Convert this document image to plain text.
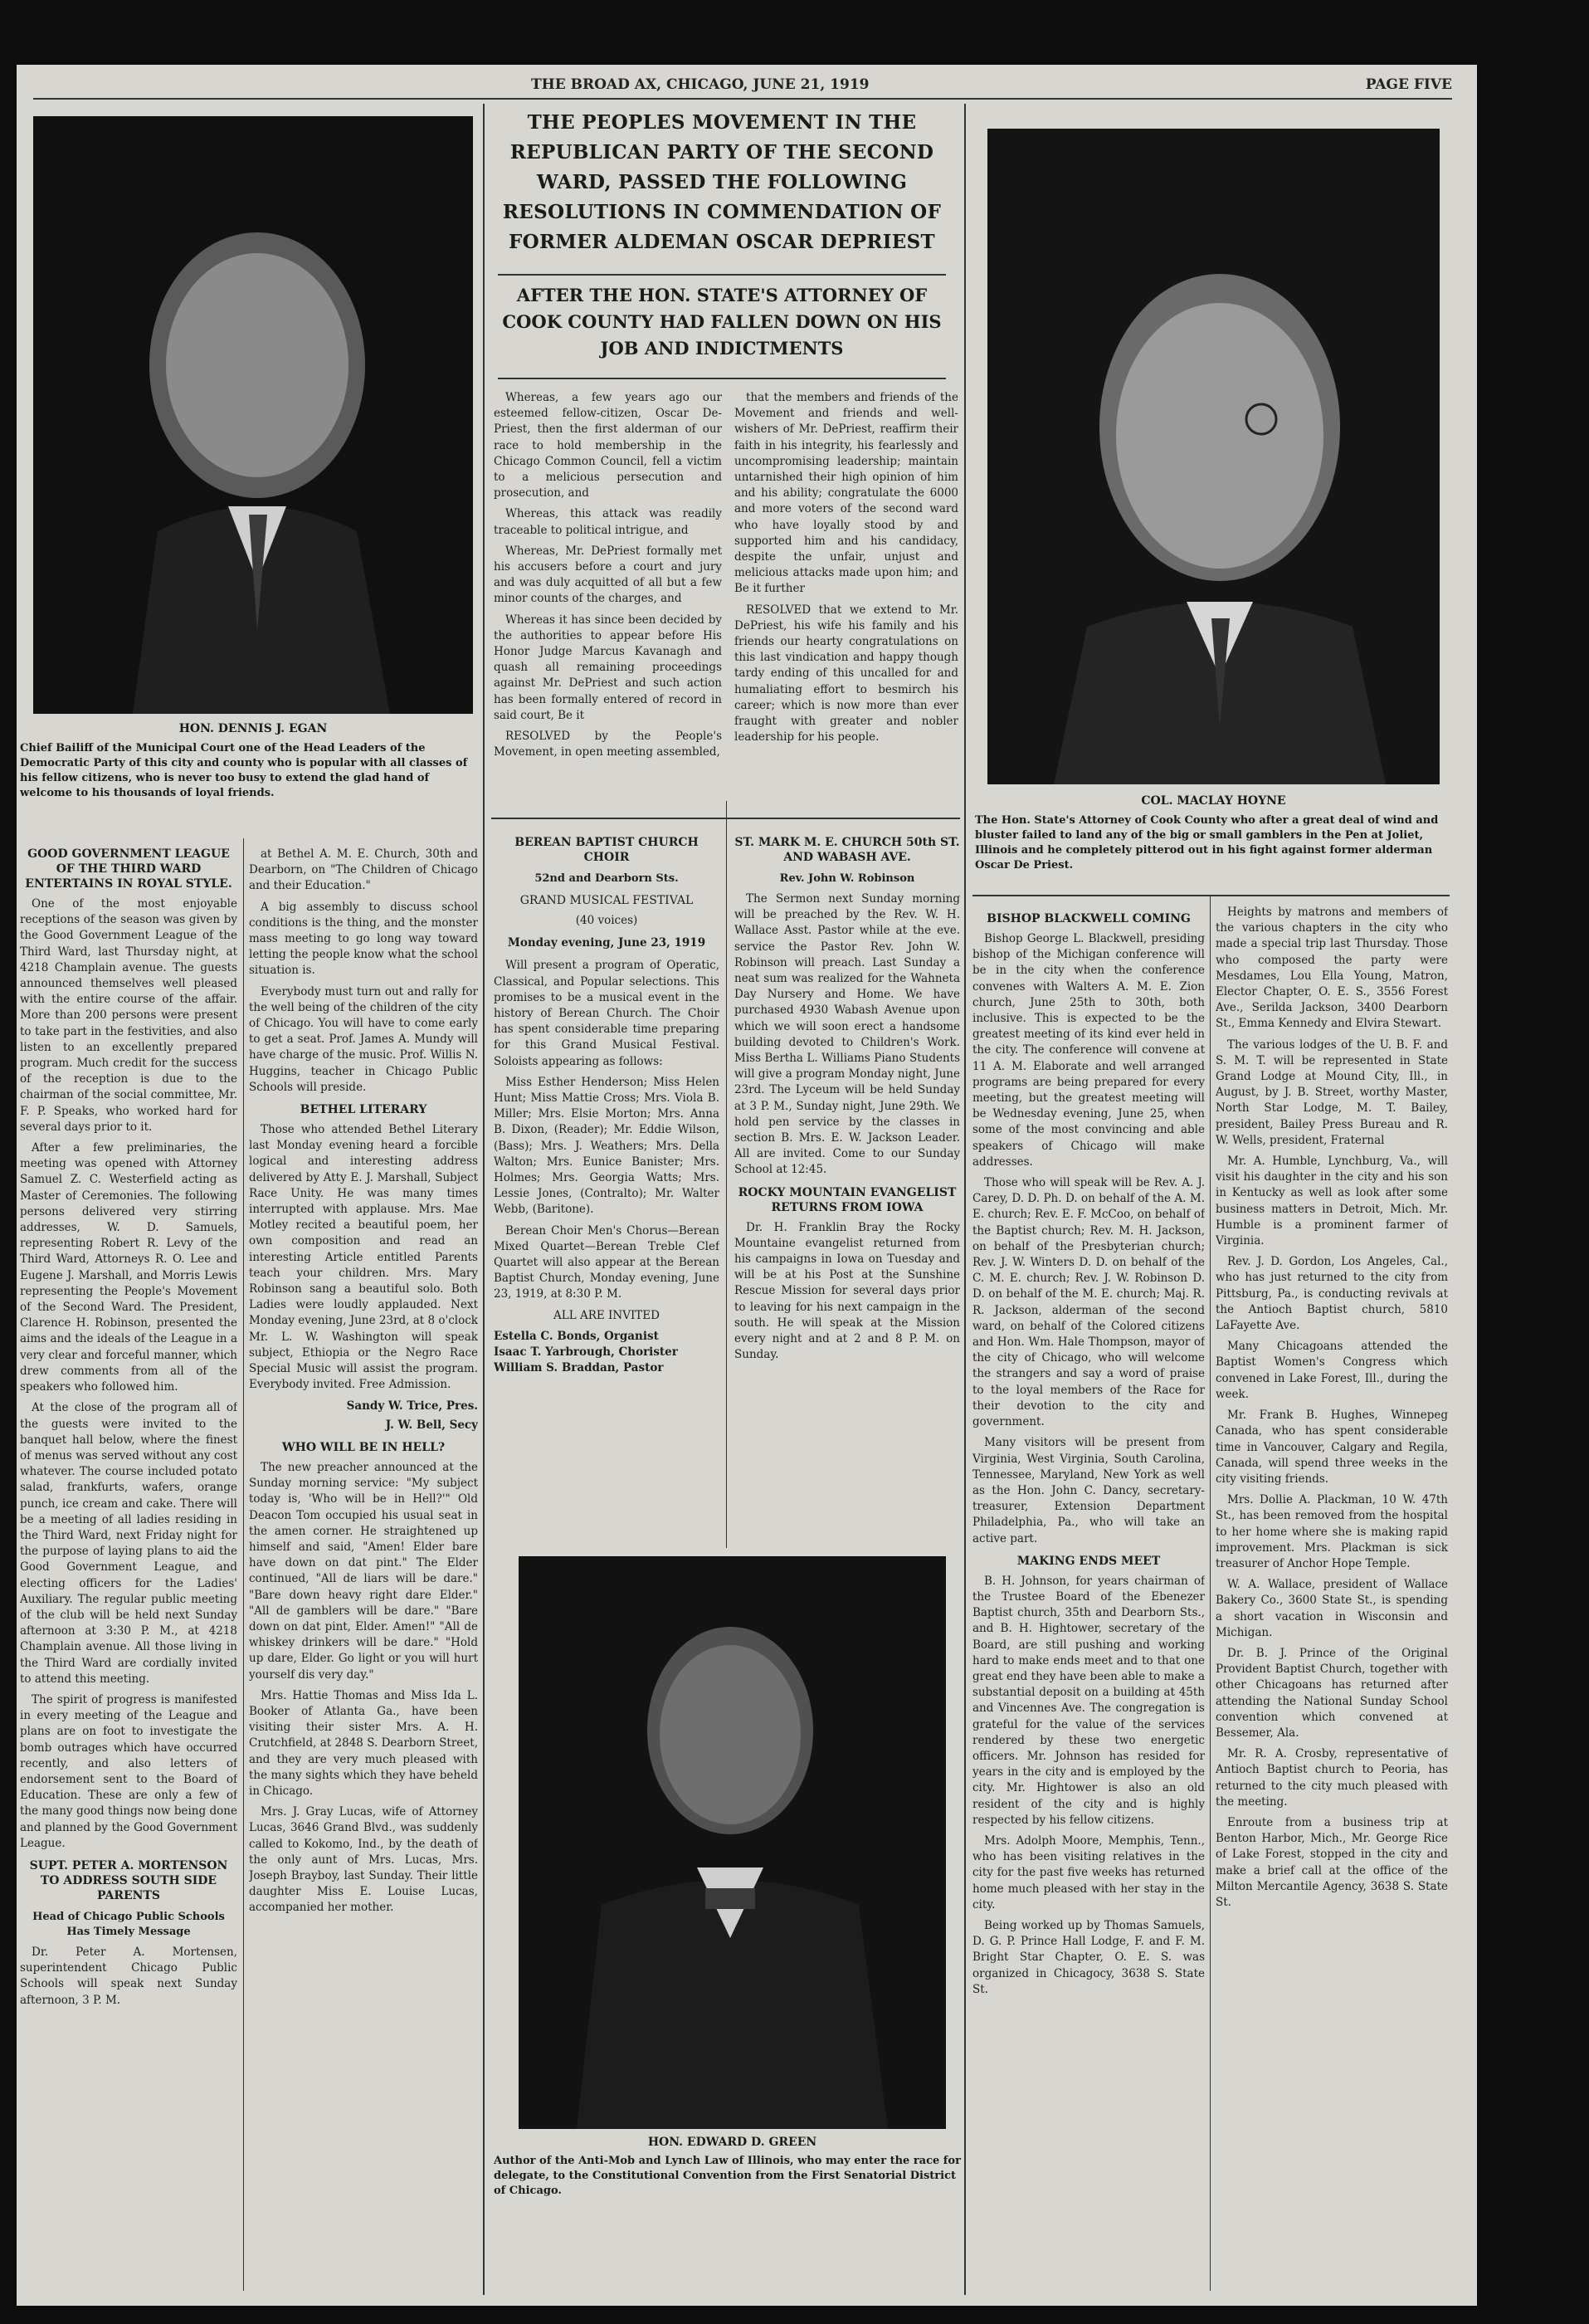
THE BROAD AX, CHICAGO, JUNE 21, 1919	PAGE FIVE
HON. DENNIS J. EGAN
Chief Bailiff of the Municipal Court one of the Head Leaders of the Democratic Party of this city and county who is popular with all classes of his fellow citizens, who is never too busy to extend the glad hand of welcome to his thousands of loyal friends.
THE PEOPLES MOVEMENT IN THE REPUBLICAN PARTY OF THE SECOND WARD, PASSED THE FOLLOWING RESOLUTIONS IN COMMENDATION OF FORMER ALDEMAN OSCAR DEPRIEST
AFTER THE HON. STATE'S ATTORNEY OF COOK COUNTY HAD FALLEN DOWN ON HIS JOB AND INDICTMENTS

Whereas, a few years ago our esteemed fellow-citizen, Oscar De-Priest, then the first alderman of our race to hold membership in the Chicago Common Council, fell a victim to a melicious persecution and prosecution, and

Whereas, this attack was readily traceable to political intrigue, and

Whereas, Mr. DePriest formally met his accusers before a court and jury and was duly acquitted of all but a few minor counts of the charges, and

Whereas it has since been decided by the authorities to appear before His Honor Judge Marcus Kavanagh and quash all remaining proceedings against Mr. DePriest and such action has been formally entered of record in said court, Be it

RESOLVED by the People's Movement, in open meeting assembled,

that the members and friends of the Movement and friends and well-wishers of Mr. DePriest, reaffirm their faith in his integrity, his fearlessly and uncompromising leadership; maintain untarnished their high opinion of him and his ability; congratulate the 6000 and more voters of the second ward who have loyally stood by and supported him and his candidacy, despite the unfair, unjust and melicious attacks made upon him; and Be it further

RESOLVED that we extend to Mr. DePriest, his wife his family and his friends our hearty congratulations on this last vindication and happy though tardy ending of this uncalled for and humaliating effort to besmirch his career; which is now more than ever fraught with greater and nobler leadership for his people.

COL. MACLAY HOYNE
The Hon. State's Attorney of Cook County who after a great deal of wind and bluster failed to land any of the big or small gamblers in the Pen at Joliet, Illinois and he completely pitterod out in his fight against former alderman Oscar De Priest.
GOOD GOVERNMENT LEAGUE OF THE THIRD WARD ENTERTAINS IN ROYAL STYLE.

One of the most enjoyable receptions of the season was given by the Good Government League of the Third Ward, last Thursday night, at 4218 Champlain avenue. The guests announced themselves well pleased with the entire course of the affair. More than 200 persons were present to take part in the festivities, and also listen to an excellently prepared program. Much credit for the success of the reception is due to the chairman of the social committee, Mr. F. P. Speaks, who worked hard for several days prior to it.

After a few preliminaries, the meeting was opened with Attorney Samuel Z. C. Westerfield acting as Master of Ceremonies. The following persons delivered very stirring addresses, W. D. Samuels, representing Robert R. Levy of the Third Ward, Attorneys R. O. Lee and Eugene J. Marshall, and Morris Lewis representing the People's Movement of the Second Ward. The President, Clarence H. Robinson, presented the aims and the ideals of the League in a very clear and forceful manner, which drew comments from all of the speakers who followed him.

At the close of the program all of the guests were invited to the banquet hall below, where the finest of menus was served without any cost whatever. The course included potato salad, frankfurts, wafers, orange punch, ice cream and cake. There will be a meeting of all ladies residing in the Third Ward, next Friday night for the purpose of laying plans to aid the Good Government League, and electing officers for the Ladies' Auxiliary. The regular public meeting of the club will be held next Sunday afternoon at 3:30 P. M., at 4218 Champlain avenue. All those living in the Third Ward are cordially invited to attend this meeting.

The spirit of progress is manifested in every meeting of the League and plans are on foot to investigate the bomb outrages which have occurred recently, and also letters of endorsement sent to the Board of Education. These are only a few of the many good things now being done and planned by the Good Government League.

SUPT. PETER A. MORTENSON TO ADDRESS SOUTH SIDE PARENTS
Head of Chicago Public Schools Has Timely Message

Dr. Peter A. Mortensen, superintendent Chicago Public Schools will speak next Sunday afternoon, 3 P. M.

at Bethel A. M. E. Church, 30th and Dearborn, on "The Children of Chicago and their Education."

A big assembly to discuss school conditions is the thing, and the monster mass meeting to go long way toward letting the people know what the school situation is.

Everybody must turn out and rally for the well being of the children of the city of Chicago. You will have to come early to get a seat. Prof. James A. Mundy will have charge of the music. Prof. Willis N. Huggins, teacher in Chicago Public Schools will preside.

BETHEL LITERARY

Those who attended Bethel Literary last Monday evening heard a forcible logical and interesting address delivered by Atty E. J. Marshall, Subject Race Unity. He was many times interrupted with applause. Mrs. Mae Motley recited a beautiful poem, her own composition and read an interesting Article entitled Parents teach your children. Mrs. Mary Robinson sang a beautiful solo. Both Ladies were loudly applauded. Next Monday evening, June 23rd, at 8 o'clock Mr. L. W. Washington will speak subject, Ethiopia or the Negro Race Special Music will assist the program. Everybody invited. Free Admission.

Sandy W. Trice, Pres.
J. W. Bell, Secy
WHO WILL BE IN HELL?

The new preacher announced at the Sunday morning service: "My subject today is, 'Who will be in Hell?'" Old Deacon Tom occupied his usual seat in the amen corner. He straightened up himself and said, "Amen! Elder bare have down on dat pint." The Elder continued, "All de liars will be dare." "Bare down heavy right dare Elder." "All de gamblers will be dare." "Bare down on dat pint, Elder. Amen!" "All de whiskey drinkers will be dare." "Hold up dare, Elder. Go light or you will hurt yourself dis very day."

Mrs. Hattie Thomas and Miss Ida L. Booker of Atlanta Ga., have been visiting their sister Mrs. A. H. Crutchfield, at 2848 S. Dearborn Street, and they are very much pleased with the many sights which they have beheld in Chicago.

Mrs. J. Gray Lucas, wife of Attorney Lucas, 3646 Grand Blvd., was suddenly called to Kokomo, Ind., by the death of the only aunt of Mrs. Lucas, Mrs. Joseph Brayboy, last Sunday. Their little daughter Miss E. Louise Lucas, accompanied her mother.

BEREAN BAPTIST CHURCH CHOIR
52nd and Dearborn Sts.
GRAND MUSICAL FESTIVAL
(40 voices)
Monday evening, June 23, 1919

Will present a program of Operatic, Classical, and Popular selections. This promises to be a musical event in the history of Berean Church. The Choir has spent considerable time preparing for this Grand Musical Festival. Soloists appearing as follows:

Miss Esther Henderson; Miss Helen Hunt; Miss Mattie Cross; Mrs. Viola B. Miller; Mrs. Elsie Morton; Mrs. Anna B. Dixon, (Reader); Mr. Eddie Wilson, (Bass); Mrs. J. Weathers; Mrs. Della Walton; Mrs. Eunice Banister; Mrs. Holmes; Mrs. Georgia Watts; Mrs. Lessie Jones, (Contralto); Mr. Walter Webb, (Baritone).

Berean Choir Men's Chorus—Berean Mixed Quartet—Berean Treble Clef Quartet will also appear at the Berean Baptist Church, Monday evening, June 23, 1919, at 8:30 P. M.

ALL ARE INVITED
Estella C. Bonds, Organist
Isaac T. Yarbrough, Chorister
William S. Braddan, Pastor
ST. MARK M. E. CHURCH 50th ST. AND WABASH AVE.
Rev. John W. Robinson

The Sermon next Sunday morning will be preached by the Rev. W. H. Wallace Asst. Pastor while at the eve. service the Pastor Rev. John W. Robinson will preach. Last Sunday a neat sum was realized for the Wahneta Day Nursery and Home. We have purchased 4930 Wabash Avenue upon which we will soon erect a handsome building devoted to Children's Work. Miss Bertha L. Williams Piano Students will give a program Monday night, June 23rd. The Lyceum will be held Sunday at 3 P. M., Sunday night, June 29th. We hold pen service by the classes in section B. Mrs. E. W. Jackson Leader. All are invited. Come to our Sunday School at 12:45.

ROCKY MOUNTAIN EVANGELIST RETURNS FROM IOWA

Dr. H. Franklin Bray the Rocky Mountaine evangelist returned from his campaigns in Iowa on Tuesday and will be at his Post at the Sunshine Rescue Mission for several days prior to leaving for his next campaign in the south. He will speak at the Mission every night and at 2 and 8 P. M. on Sunday.

HON. EDWARD D. GREEN
Author of the Anti-Mob and Lynch Law of Illinois, who may enter the race for delegate, to the Constitutional Convention from the First Senatorial District of Chicago.
BISHOP BLACKWELL COMING

Bishop George L. Blackwell, presiding bishop of the Michigan conference will be in the city when the conference convenes with Walters A. M. E. Zion church, June 25th to 30th, both inclusive. This is expected to be the greatest meeting of its kind ever held in the city. The conference will convene at 11 A. M. Elaborate and well arranged programs are being prepared for every meeting, but the greatest meeting will be Wednesday evening, June 25, when some of the most convincing and able speakers of Chicago will make addresses.

Those who will speak will be Rev. A. J. Carey, D. D. Ph. D. on behalf of the A. M. E. church; Rev. E. F. McCoo, on behalf of the Baptist church; Rev. M. H. Jackson, on behalf of the Presbyterian church; Rev. J. W. Winters D. D. on behalf of the C. M. E. church; Rev. J. W. Robinson D. D. on behalf of the M. E. church; Maj. R. R. Jackson, alderman of the second ward, on behalf of the Colored citizens and Hon. Wm. Hale Thompson, mayor of the city of Chicago, who will welcome the strangers and say a word of praise to the loyal members of the Race for their devotion to the city and government.

Many visitors will be present from Virginia, West Virginia, South Carolina, Tennessee, Maryland, New York as well as the Hon. John C. Dancy, secretary-treasurer, Extension Department Philadelphia, Pa., who will take an active part.

MAKING ENDS MEET

B. H. Johnson, for years chairman of the Trustee Board of the Ebenezer Baptist church, 35th and Dearborn Sts., and B. H. Hightower, secretary of the Board, are still pushing and working hard to make ends meet and to that one great end they have been able to make a substantial deposit on a building at 45th and Vincennes Ave. The congregation is grateful for the value of the services rendered by these two energetic officers. Mr. Johnson has resided for years in the city and is employed by the city. Mr. Hightower is also an old resident of the city and is highly respected by his fellow citizens.

Mrs. Adolph Moore, Memphis, Tenn., who has been visiting relatives in the city for the past five weeks has returned home much pleased with her stay in the city.

Being worked up by Thomas Samuels, D. G. P. Prince Hall Lodge, F. and F. M. Bright Star Chapter, O. E. S. was organized in Chicagocy, 3638 S. State St.

Heights by matrons and members of the various chapters in the city who made a special trip last Thursday. Those who composed the party were Mesdames, Lou Ella Young, Matron, Elector Chapter, O. E. S., 3556 Forest Ave., Serilda Jackson, 3400 Dearborn St., Emma Kennedy and Elvira Stewart.

The various lodges of the U. B. F. and S. M. T. will be represented in State Grand Lodge at Mound City, Ill., in August, by J. B. Street, worthy Master, North Star Lodge, M. T. Bailey, president, Bailey Press Bureau and R. W. Wells, president, Fraternal

Mr. A. Humble, Lynchburg, Va., will visit his daughter in the city and his son in Kentucky as well as look after some business matters in Detroit, Mich. Mr. Humble is a prominent farmer of Virginia.

Rev. J. D. Gordon, Los Angeles, Cal., who has just returned to the city from Pittsburg, Pa., is conducting revivals at the Antioch Baptist church, 5810 LaFayette Ave.

Many Chicagoans attended the Baptist Women's Congress which convened in Lake Forest, Ill., during the week.

Mr. Frank B. Hughes, Winnepeg Canada, who has spent considerable time in Vancouver, Calgary and Regila, Canada, will spend three weeks in the city visiting friends.

Mrs. Dollie A. Plackman, 10 W. 47th St., has been removed from the hospital to her home where she is making rapid improvement. Mrs. Plackman is sick treasurer of Anchor Hope Temple.

W. A. Wallace, president of Wallace Bakery Co., 3600 State St., is spending a short vacation in Wisconsin and Michigan.

Dr. B. J. Prince of the Original Provident Baptist Church, together with other Chicagoans has returned after attending the National Sunday School convention which convened at Bessemer, Ala.

Mr. R. A. Crosby, representative of Antioch Baptist church to Peoria, has returned to the city much pleased with the meeting.

Enroute from a business trip at Benton Harbor, Mich., Mr. George Rice of Lake Forest, stopped in the city and make a brief call at the office of the Milton Mercantile Agency, 3638 S. State St.
